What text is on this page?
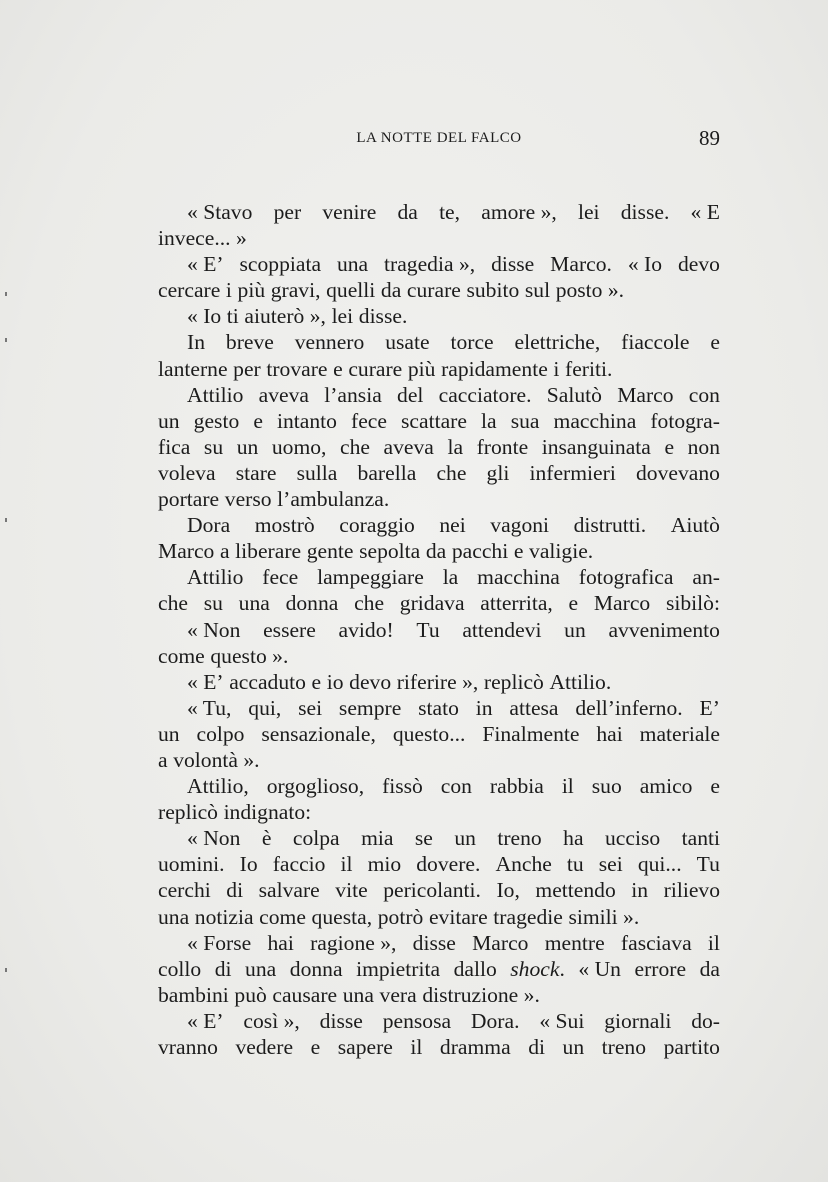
LA NOTTE DEL FALCO	89
« Stavo per venire da te, amore », lei disse. « E
invece... »
« E’ scoppiata una tragedia », disse Marco. « Io devo
cercare i più gravi, quelli da curare subito sul posto ».
« Io ti aiuterò », lei disse.
In breve vennero usate torce elettriche, fiaccole e
lanterne per trovare e curare più rapidamente i feriti.
Attilio aveva l’ansia del cacciatore. Salutò Marco con
un gesto e intanto fece scattare la sua macchina fotogra-
fica su un uomo, che aveva la fronte insanguinata e non
voleva stare sulla barella che gli infermieri dovevano
portare verso l’ambulanza.
Dora mostrò coraggio nei vagoni distrutti. Aiutò
Marco a liberare gente sepolta da pacchi e valigie.
Attilio fece lampeggiare la macchina fotografica an-
che su una donna che gridava atterrita, e Marco sibilò:
« Non essere avido! Tu attendevi un avvenimento
come questo ».
« E’ accaduto e io devo riferire », replicò Attilio.
« Tu, qui, sei sempre stato in attesa dell’inferno. E’
un colpo sensazionale, questo... Finalmente hai materiale
a volontà ».
Attilio, orgoglioso, fissò con rabbia il suo amico e
replicò indignato:
« Non è colpa mia se un treno ha ucciso tanti
uomini. Io faccio il mio dovere. Anche tu sei qui... Tu
cerchi di salvare vite pericolanti. Io, mettendo in rilievo
una notizia come questa, potrò evitare tragedie simili ».
« Forse hai ragione », disse Marco mentre fasciava il
collo di una donna impietrita dallo shock. « Un errore da
bambini può causare una vera distruzione ».
« E’ così », disse pensosa Dora. « Sui giornali do-
vranno vedere e sapere il dramma di un treno partito
